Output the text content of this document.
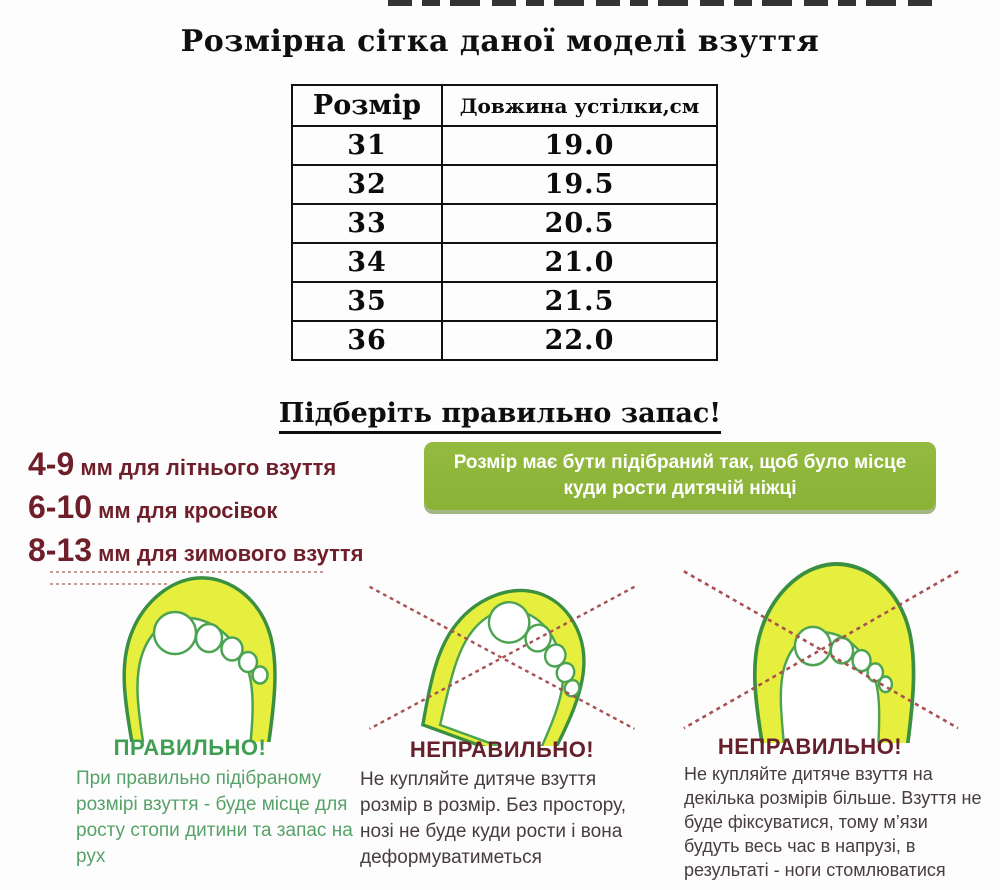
Розмірна сітка даної моделі взуття
Розмір	Довжина устілки,см
31	19.0
32	19.5
33	20.5
34	21.0
35	21.5
36	22.0
Підберіть правильно запас!
4-9 мм для літнього взуття
6-10 мм для кросівок
8-13 мм для зимового взуття
Розмір має бути підібраний так, щоб було місце куди рости дитячій ніжці
ПРАВИЛЬНО!	НЕПРАВИЛЬНО!	НЕПРАВИЛЬНО!
При правильно підібраному розмірі взуття - буде місце для росту стопи дитини та запас на рух
Не купляйте дитяче взуття розмір в розмір. Без простору, нозі не буде куди рости і вона деформуватиметься
Не купляйте дитяче взуття на декілька розмірів більше. Взуття не буде фіксуватися, тому м’язи будуть весь час в напрузі, в результаті - ноги стомлюватися
